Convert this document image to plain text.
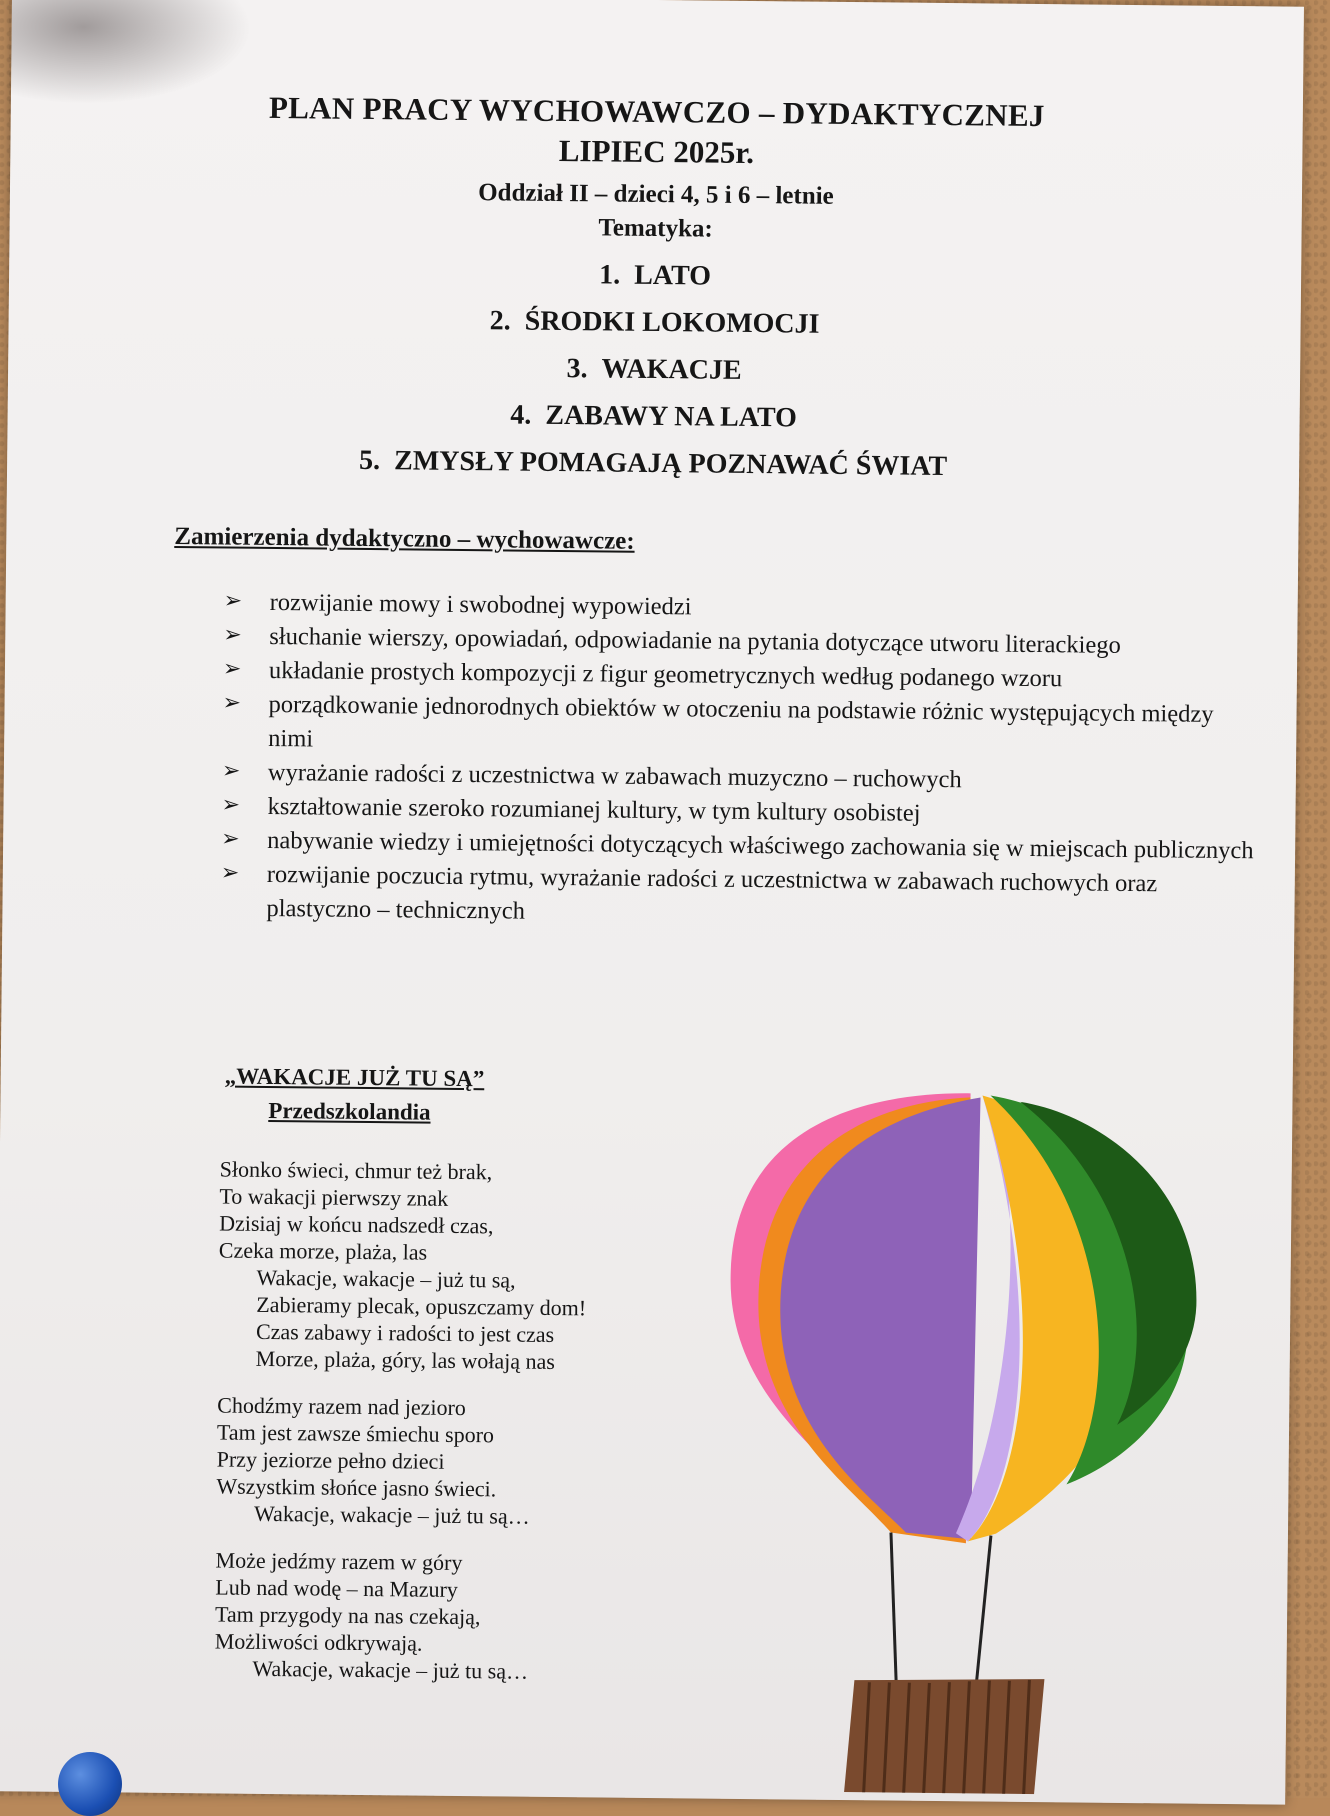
PLAN PRACY WYCHOWAWCZO – DYDAKTYCZNEJ

LIPIEC 2025r.

Oddział II – dzieci 4, 5 i 6 – letnie

Tematyka:

1. LATO
2. ŚRODKI LOKOMOCJI
3. WAKACJE
4. ZABAWY NA LATO
5. ZMYSŁY POMAGAJĄ POZNAWAĆ ŚWIAT

Zamierzenia dydaktyczno – wychowawcze:

➢ rozwijanie mowy i swobodnej wypowiedzi
➢ słuchanie wierszy, opowiadań, odpowiadanie na pytania dotyczące utworu literackiego
➢ układanie prostych kompozycji z figur geometrycznych według podanego wzoru
➢ porządkowanie jednorodnych obiektów w otoczeniu na podstawie różnic występujących między nimi
➢ wyrażanie radości z uczestnictwa w zabawach muzyczno – ruchowych
➢ kształtowanie szeroko rozumianej kultury, w tym kultury osobistej
➢ nabywanie wiedzy i umiejętności dotyczących właściwego zachowania się w miejscach publicznych
➢ rozwijanie poczucia rytmu, wyrażanie radości z uczestnictwa w zabawach ruchowych oraz plastyczno – technicznych

„WAKACJE JUŻ TU SĄ”

Przedszkolandia

Słonko świeci, chmur też brak,

To wakacji pierwszy znak

Dzisiaj w końcu nadszedł czas,

Czeka morze, plaża, las

Wakacje, wakacje – już tu są,

Zabieramy plecak, opuszczamy dom!

Czas zabawy i radości to jest czas

Morze, plaża, góry, las wołają nas

Chodźmy razem nad jezioro

Tam jest zawsze śmiechu sporo

Przy jeziorze pełno dzieci

Wszystkim słońce jasno świeci.

Wakacje, wakacje – już tu są…

Może jedźmy razem w góry

Lub nad wodę – na Mazury

Tam przygody na nas czekają,

Możliwości odkrywają.

Wakacje, wakacje – już tu są…
